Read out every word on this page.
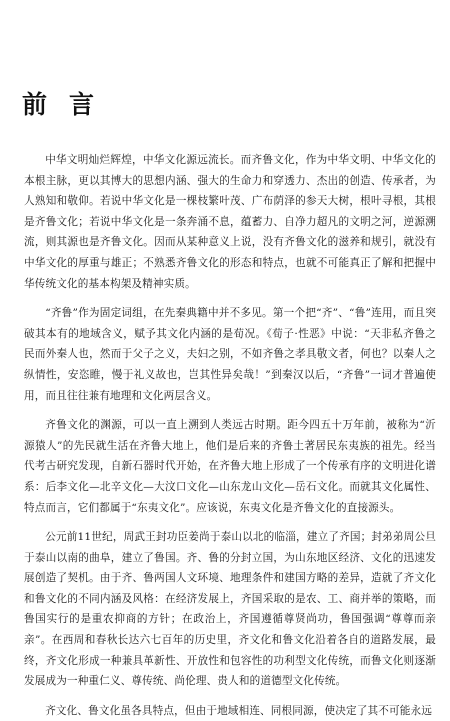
前言

中华文明灿烂辉煌，中华文化源远流长。而齐鲁文化，作为中华文明、中华文化的本根主脉，更以其博大的思想内涵、强大的生命力和穿透力、杰出的创造、传承者，为人熟知和敬仰。若说中华文化是一棵枝繁叶茂、广布荫泽的参天大树，根叶寻根，其根是齐鲁文化；若说中华文化是一条奔涌不息，蕴蓄力、自净力超凡的文明之河，逆源溯流，则其源也是齐鲁文化。因而从某种意义上说，没有齐鲁文化的滋养和规引，就没有中华文化的厚重与雄正；不熟悉齐鲁文化的形态和特点，也就不可能真正了解和把握中华传统文化的基本构架及精神实质。

“齐鲁”作为固定词组，在先秦典籍中并不多见。第一个把“齐”、“鲁”连用，而且突破其本有的地域含义，赋予其文化内涵的是荀况。《荀子·性恶》中说：“天非私齐鲁之民而外秦人也，然而于父子之义，夫妇之别，不如齐鲁之孝具敬文者，何也？以秦人之纵情性，安恣睢，慢于礼义故也，岂其性异矣哉！”到秦汉以后，“齐鲁”一词才普遍使用，而且往往兼有地理和文化两层含义。

齐鲁文化的渊源，可以一直上溯到人类远古时期。距今四五十万年前，被称为“沂源猿人”的先民就生活在齐鲁大地上，他们是后来的齐鲁土著居民东夷族的祖先。经当代考古研究发现，自新石器时代开始，在齐鲁大地上形成了一个传承有序的文明进化谱系：后李文化—北辛文化—大汶口文化—山东龙山文化—岳石文化。而就其文化属性、特点而言，它们都属于“东夷文化”。应该说，东夷文化是齐鲁文化的直接源头。

公元前11世纪，周武王封功臣姜尚于泰山以北的临淄，建立了齐国；封弟弟周公旦于泰山以南的曲阜，建立了鲁国。齐、鲁的分封立国，为山东地区经济、文化的迅速发展创造了契机。由于齐、鲁两国人文环境、地理条件和建国方略的差异，造就了齐文化和鲁文化的不同内涵及风格：在经济发展上，齐国采取的是农、工、商并举的策略，而鲁国实行的是重农抑商的方针；在政治上，齐国遵循尊贤尚功，鲁国强调“尊尊而亲亲”。在西周和春秋长达六七百年的历史里，齐文化和鲁文化沿着各自的道路发展，最终，齐文化形成一种兼具革新性、开放性和包容性的功利型文化传统，而鲁文化则逐渐发展成为一种重仁义、尊传统、尚伦理、贵人和的道德型文化传统。

齐文化、鲁文化虽各具特点，但由于地域相连、同根同源，使决定了其不可能永远
